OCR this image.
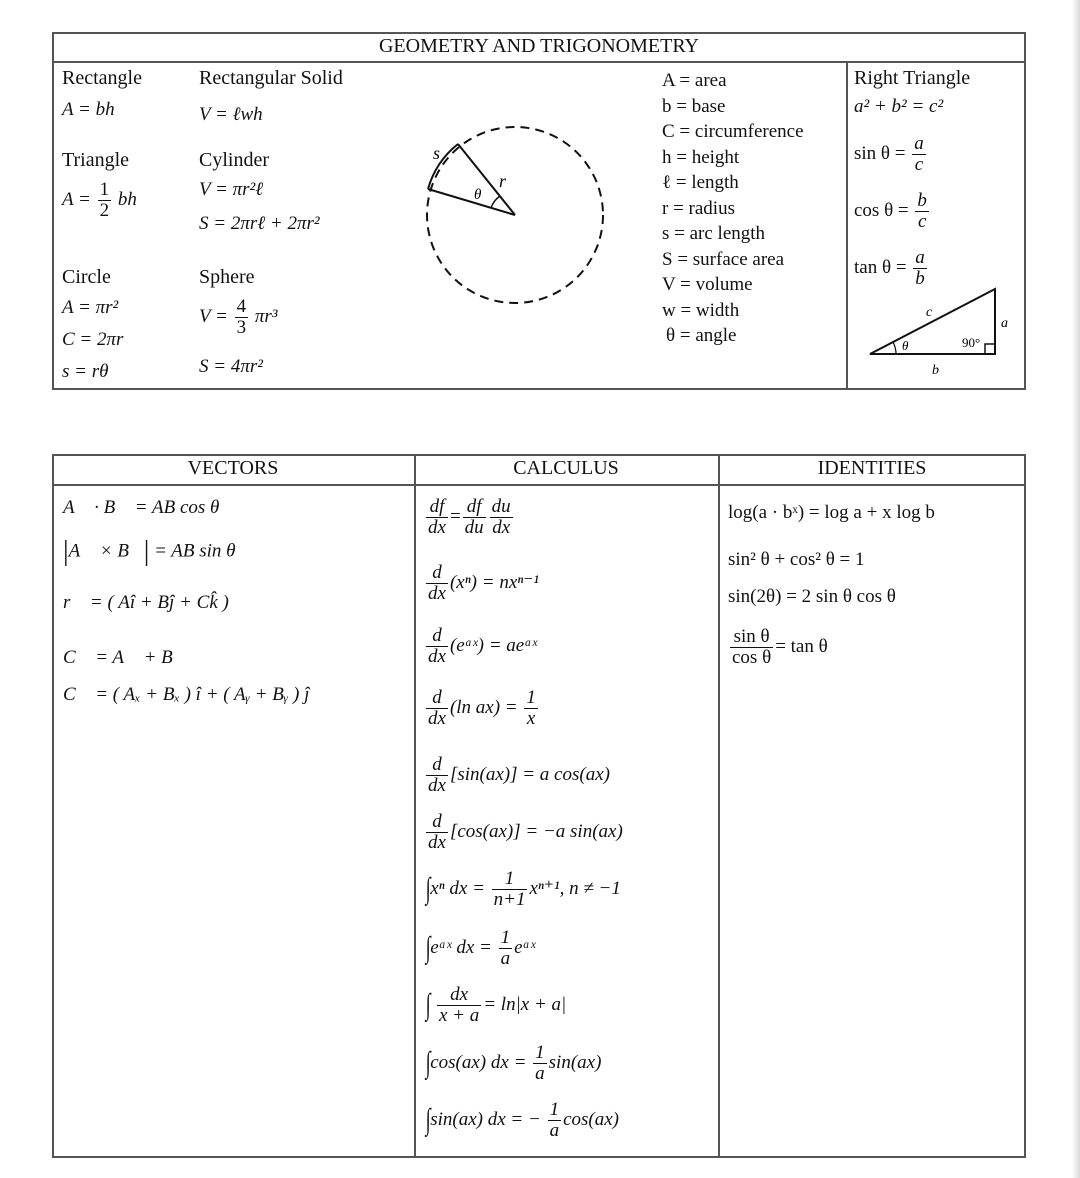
GEOMETRY AND TRIGONOMETRY
Rectangle
A = bh
Triangle
$A = \frac{1}{2}$ bh
Circle
A = πr²
C = 2πr
s = rθ
Rectangular Solid
V = ℓwh
Cylinder
V = πr²ℓ
S = 2πrℓ + 2πr²
Sphere
$V = \frac{4}{3} \pi r^3$
S = 4πr²
s
r
θ
A = area
b = base
C = circumference
h = height
ℓ = length
r = radius
s = arc length
S = surface area
V = volume
w = width
θ = angle
Right Triangle
a² + b² = c²
$\sin \theta = \frac{a}{c}$
$\cos \theta = \frac{b}{c}$
$\tan \theta = \frac{a}{b}$
c
a
b
θ	90°
VECTORS	CALCULUS	IDENTITIES
A⃗ · B⃗ = AB cos θ
|A⃗ × B⃗| = AB sin θ
r⃗ = ( Aî + Bĵ + Ck̂ )
C⃗ = A⃗ + B⃗
C⃗ = ( Aₓ + Bₓ ) î + ( Aᵧ + Bᵧ ) ĵ
$\frac{df}{dx} = \frac{df}{du} \frac{du}{dx}$
$\frac{d}{dx} (x^n) = nx^{n-1}$
$\frac{d}{dx}$ (eᵃˣ) = aeᵃˣ
$\frac{d}{dx} (\ln$ $ax) = \frac{1}{x}$
$\frac{d}{dx} [\sin(ax)] = a$ cos(ax)
$\frac{d}{dx} [\cos(ax)] = -a$ sin(ax)
∫xⁿ dx = $\frac{1}{n+1} x^{n+1}$, n ≠ −1
∫eᵃˣ dx = $\frac{1}{a}$ eᵃˣ
∫ $\frac{dx}{x + a} = \ln|x + a|$
∫cos(ax) dx = $\frac{1}{a} \sin(ax)$
∫sin(ax) dx = − $\frac{1}{a} \cos(ax)$
log(a · bˣ) = log a + x log b
sin² θ + cos² θ = 1
sin(2θ) = 2 sin θ cos θ
$\frac{\text{sin θ}}{\text{cos θ}} = \tan \theta$
